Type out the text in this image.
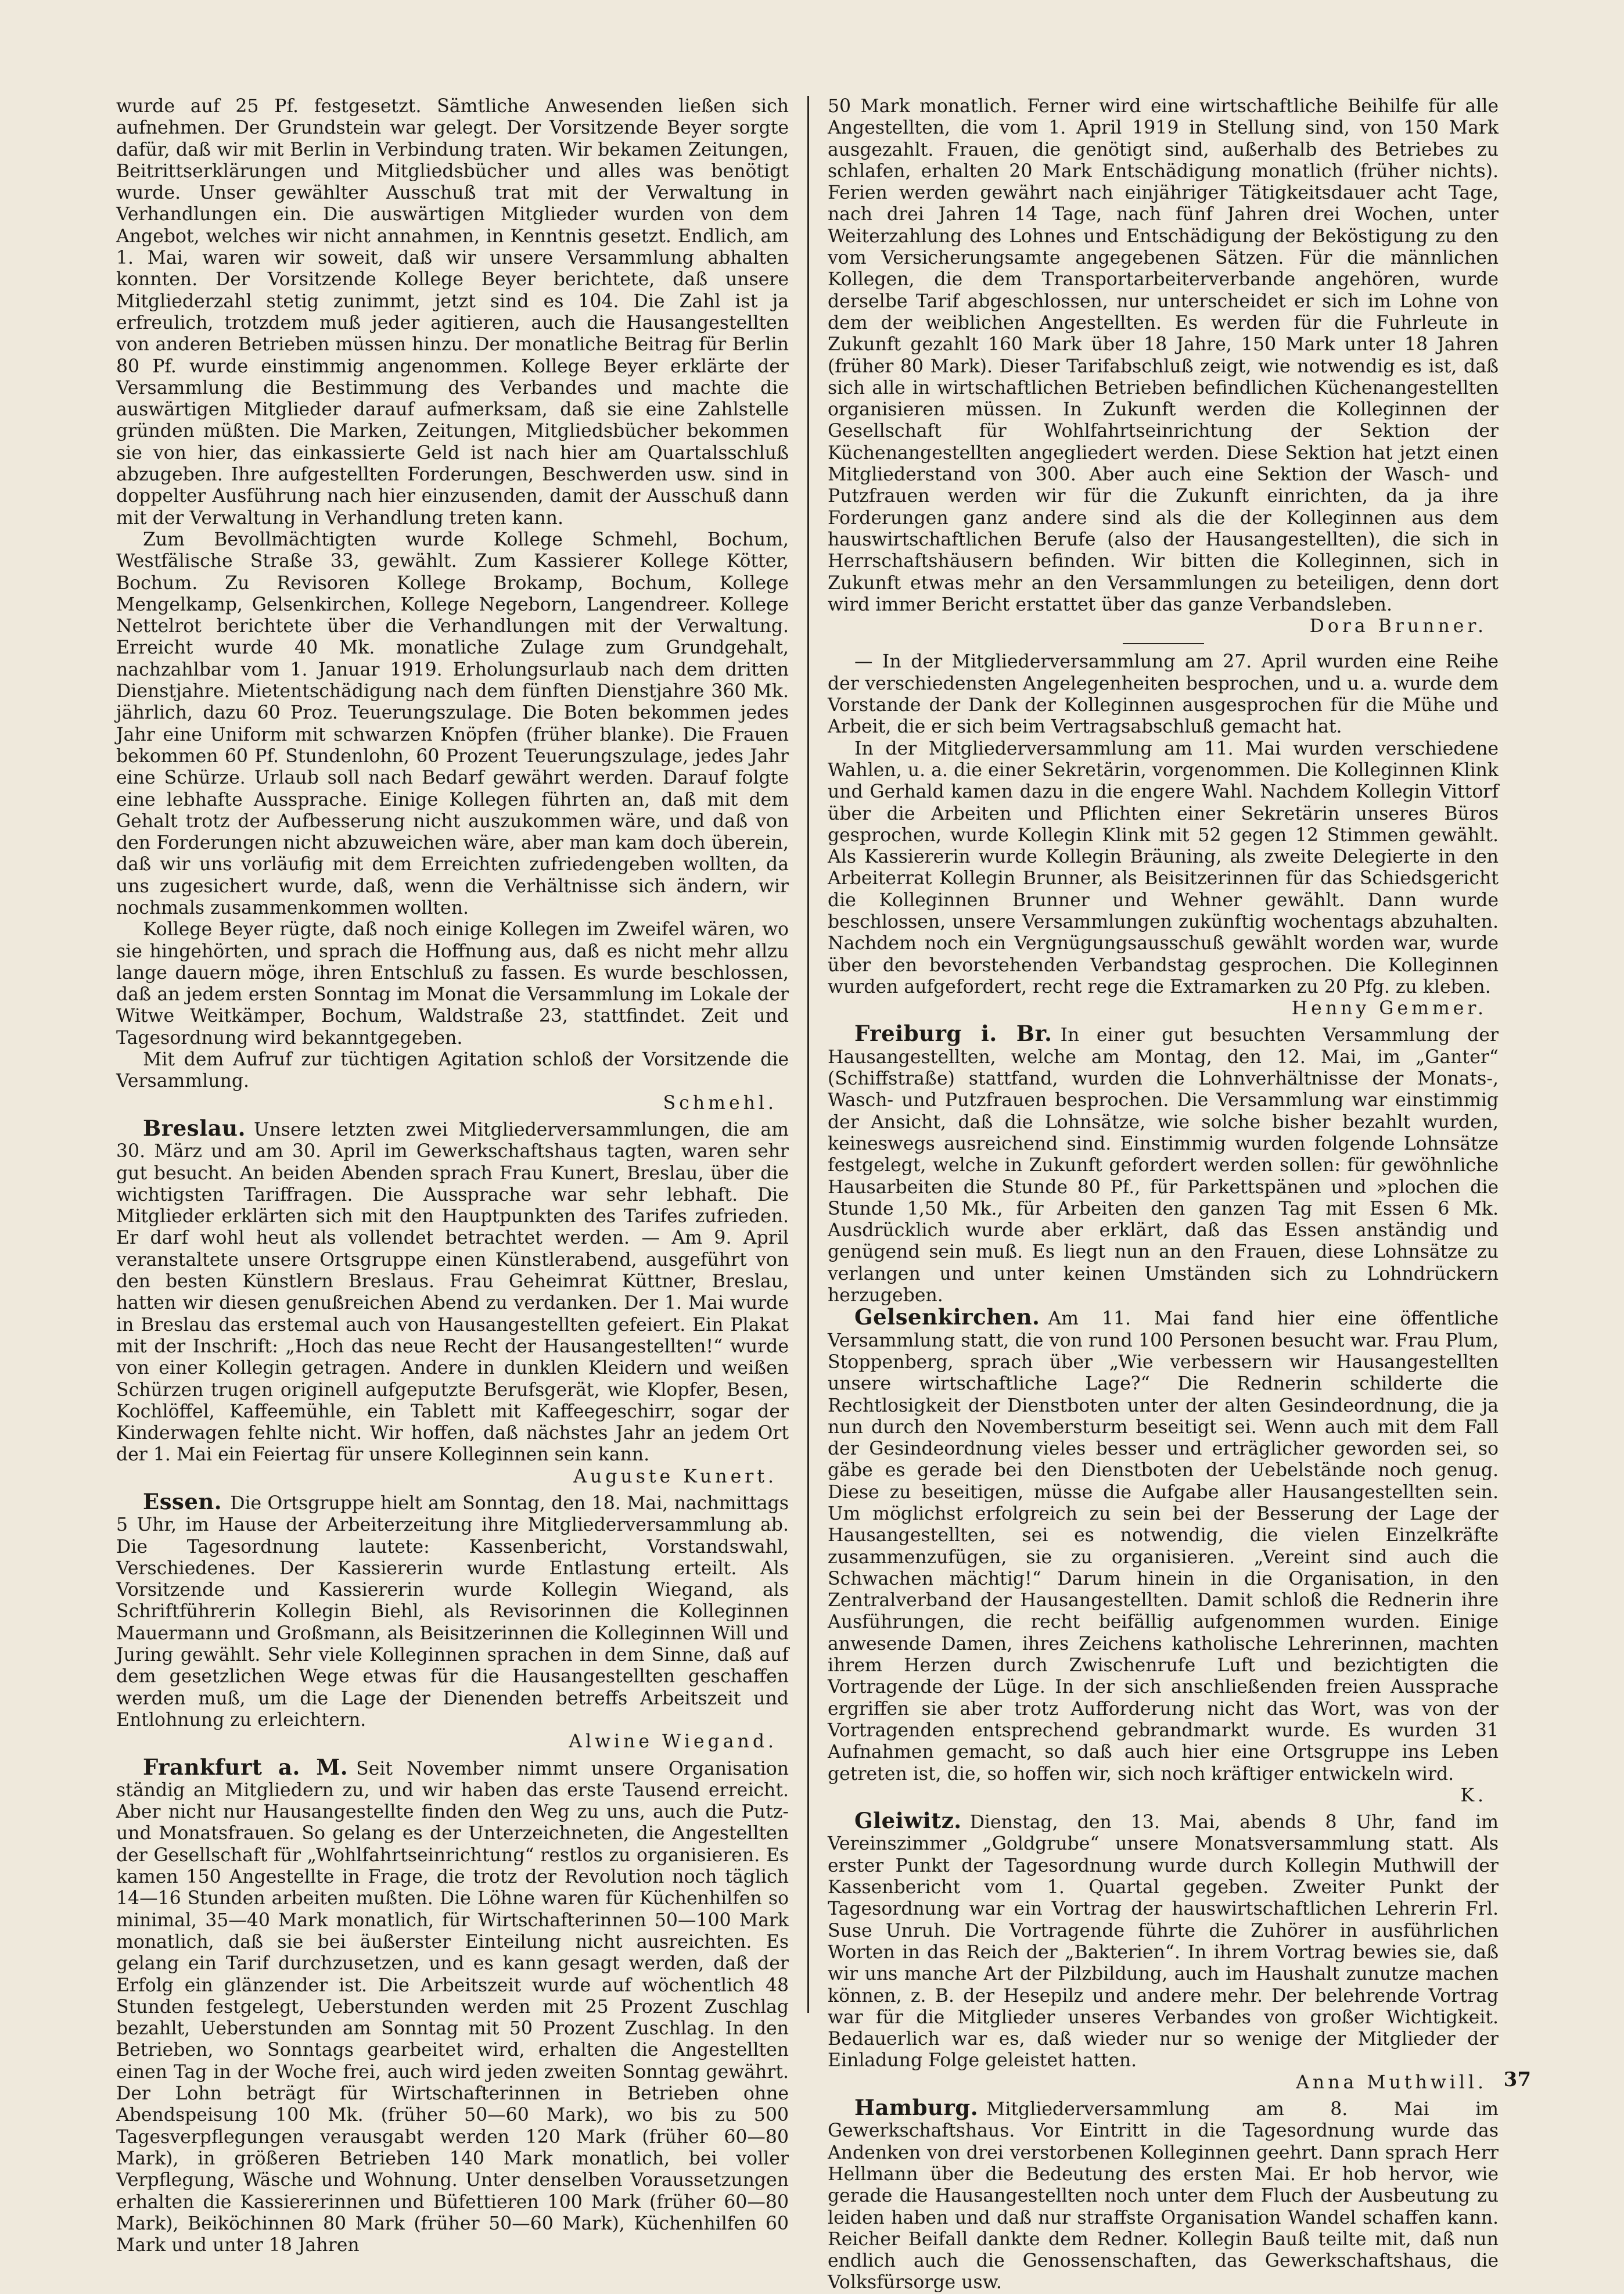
wurde auf 25 Pf. festgesetzt. Sämtliche Anwesenden ließen sich aufnehmen. Der Grundstein war gelegt. Der Vorsitzende Beyer sorgte dafür, daß wir mit Berlin in Verbindung traten. Wir bekamen Zeitungen, Beitrittserklärungen und Mitgliedsbücher und alles was benötigt wurde. Unser gewählter Ausschuß trat mit der Verwaltung in Verhandlungen ein. Die auswärtigen Mitglieder wurden von dem Angebot, welches wir nicht annahmen, in Kenntnis gesetzt. Endlich, am 1. Mai, waren wir soweit, daß wir unsere Versammlung abhalten konnten. Der Vorsitzende Kollege Beyer berichtete, daß unsere Mitgliederzahl stetig zunimmt, jetzt sind es 104. Die Zahl ist ja erfreulich, trotzdem muß jeder agitieren, auch die Hausangestellten von anderen Betrieben müssen hinzu. Der monatliche Beitrag für Berlin 80 Pf. wurde einstimmig angenommen. Kollege Beyer erklärte der Versammlung die Bestimmung des Verbandes und machte die auswärtigen Mitglieder darauf aufmerksam, daß sie eine Zahlstelle gründen müßten. Die Marken, Zeitungen, Mitgliedsbücher bekommen sie von hier, das einkassierte Geld ist nach hier am Quartalsschluß abzugeben. Ihre aufgestellten Forderungen, Beschwerden usw. sind in doppelter Ausführung nach hier einzusenden, damit der Ausschuß dann mit der Verwaltung in Verhandlung treten kann.

Zum Bevollmächtigten wurde Kollege Schmehl, Bochum, Westfälische Straße 33, gewählt. Zum Kassierer Kollege Kötter, Bochum. Zu Revisoren Kollege Brokamp, Bochum, Kollege Mengelkamp, Gelsenkirchen, Kollege Negeborn, Langendreer. Kollege Nettelrot berichtete über die Verhandlungen mit der Verwaltung. Erreicht wurde 40 Mk. monatliche Zulage zum Grundgehalt, nachzahlbar vom 1. Januar 1919. Erholungsurlaub nach dem dritten Dienstjahre. Mietentschädigung nach dem fünften Dienstjahre 360 Mk. jährlich, dazu 60 Proz. Teuerungszulage. Die Boten bekommen jedes Jahr eine Uniform mit schwarzen Knöpfen (früher blanke). Die Frauen bekommen 60 Pf. Stundenlohn, 60 Prozent Teuerungszulage, jedes Jahr eine Schürze. Urlaub soll nach Bedarf gewährt werden. Darauf folgte eine lebhafte Aussprache. Einige Kollegen führten an, daß mit dem Gehalt trotz der Aufbesserung nicht auszukommen wäre, und daß von den Forderungen nicht abzuweichen wäre, aber man kam doch überein, daß wir uns vorläufig mit dem Erreichten zufriedengeben wollten, da uns zugesichert wurde, daß, wenn die Verhältnisse sich ändern, wir nochmals zusammenkommen wollten.

Kollege Beyer rügte, daß noch einige Kollegen im Zweifel wären, wo sie hingehörten, und sprach die Hoffnung aus, daß es nicht mehr allzu lange dauern möge, ihren Entschluß zu fassen. Es wurde beschlossen, daß an jedem ersten Sonntag im Monat die Versammlung im Lokale der Witwe Weitkämper, Bochum, Waldstraße 23, stattfindet. Zeit und Tagesordnung wird bekanntgegeben.

Mit dem Aufruf zur tüchtigen Agitation schloß der Vorsitzende die Versammlung.

Schmehl.

Breslau. Unsere letzten zwei Mitgliederversammlungen, die am 30. März und am 30. April im Gewerkschaftshaus tagten, waren sehr gut besucht. An beiden Abenden sprach Frau Kunert, Breslau, über die wichtigsten Tariffragen. Die Aussprache war sehr lebhaft. Die Mitglieder erklärten sich mit den Hauptpunkten des Tarifes zufrieden. Er darf wohl heut als vollendet betrachtet werden. — Am 9. April veranstaltete unsere Ortsgruppe einen Künstlerabend, ausgeführt von den besten Künstlern Breslaus. Frau Geheimrat Küttner, Breslau, hatten wir diesen genußreichen Abend zu verdanken. Der 1. Mai wurde in Breslau das erstemal auch von Hausangestellten gefeiert. Ein Plakat mit der Inschrift: „Hoch das neue Recht der Hausangestellten!“ wurde von einer Kollegin getragen. Andere in dunklen Kleidern und weißen Schürzen trugen originell aufgeputzte Berufsgerät, wie Klopfer, Besen, Kochlöffel, Kaffeemühle, ein Tablett mit Kaffeegeschirr, sogar der Kinderwagen fehlte nicht. Wir hoffen, daß nächstes Jahr an jedem Ort der 1. Mai ein Feiertag für unsere Kolleginnen sein kann.

Auguste Kunert.

Essen. Die Ortsgruppe hielt am Sonntag, den 18. Mai, nachmittags 5 Uhr, im Hause der Arbeiterzeitung ihre Mitgliederversammlung ab. Die Tagesordnung lautete: Kassenbericht, Vorstandswahl, Verschiedenes. Der Kassiererin wurde Entlastung erteilt. Als Vorsitzende und Kassiererin wurde Kollegin Wiegand, als Schriftführerin Kollegin Biehl, als Revisorinnen die Kolleginnen Mauermann und Großmann, als Beisitzerinnen die Kolleginnen Will und Juring gewählt. Sehr viele Kolleginnen sprachen in dem Sinne, daß auf dem gesetzlichen Wege etwas für die Hausangestellten geschaffen werden muß, um die Lage der Dienenden betreffs Arbeitszeit und Entlohnung zu erleichtern.

Alwine Wiegand.

Frankfurt a. M. Seit November nimmt unsere Organisation ständig an Mitgliedern zu, und wir haben das erste Tausend erreicht. Aber nicht nur Hausangestellte finden den Weg zu uns, auch die Putz- und Monatsfrauen. So gelang es der Unterzeichneten, die Angestellten der Gesellschaft für „Wohlfahrtseinrichtung“ restlos zu organisieren. Es kamen 150 Angestellte in Frage, die trotz der Revolution noch täglich 14—16 Stunden arbeiten mußten. Die Löhne waren für Küchenhilfen so minimal, 35—40 Mark monatlich, für Wirtschafterinnen 50—100 Mark monatlich, daß sie bei äußerster Einteilung nicht ausreichten. Es gelang ein Tarif durchzusetzen, und es kann gesagt werden, daß der Erfolg ein glänzender ist. Die Arbeitszeit wurde auf wöchentlich 48 Stunden festgelegt, Ueberstunden werden mit 25 Prozent Zuschlag bezahlt, Ueberstunden am Sonntag mit 50 Prozent Zuschlag. In den Betrieben, wo Sonntags gearbeitet wird, erhalten die Angestellten einen Tag in der Woche frei, auch wird jeden zweiten Sonntag gewährt. Der Lohn beträgt für Wirtschafterinnen in Betrieben ohne Abendspeisung 100 Mk. (früher 50—60 Mark), wo bis zu 500 Tagesverpflegungen verausgabt werden 120 Mark (früher 60—80 Mark), in größeren Betrieben 140 Mark monatlich, bei voller Verpflegung, Wäsche und Wohnung. Unter denselben Voraussetzungen erhalten die Kassiererinnen und Büfettieren 100 Mark (früher 60—80 Mark), Beiköchinnen 80 Mark (früher 50—60 Mark), Küchenhilfen 60 Mark und unter 18 Jahren

50 Mark monatlich. Ferner wird eine wirtschaftliche Beihilfe für alle Angestellten, die vom 1. April 1919 in Stellung sind, von 150 Mark ausgezahlt. Frauen, die genötigt sind, außerhalb des Betriebes zu schlafen, erhalten 20 Mark Entschädigung monatlich (früher nichts). Ferien werden gewährt nach einjähriger Tätigkeitsdauer acht Tage, nach drei Jahren 14 Tage, nach fünf Jahren drei Wochen, unter Weiterzahlung des Lohnes und Entschädigung der Beköstigung zu den vom Versicherungsamte angegebenen Sätzen. Für die männlichen Kollegen, die dem Transportarbeiterverbande angehören, wurde derselbe Tarif abgeschlossen, nur unterscheidet er sich im Lohne von dem der weiblichen Angestellten. Es werden für die Fuhrleute in Zukunft gezahlt 160 Mark über 18 Jahre, 150 Mark unter 18 Jahren (früher 80 Mark). Dieser Tarifabschluß zeigt, wie notwendig es ist, daß sich alle in wirtschaftlichen Betrieben befindlichen Küchenangestellten organisieren müssen. In Zukunft werden die Kolleginnen der Gesellschaft für Wohlfahrtseinrichtung der Sektion der Küchenangestellten angegliedert werden. Diese Sektion hat jetzt einen Mitgliederstand von 300. Aber auch eine Sektion der Wasch- und Putzfrauen werden wir für die Zukunft einrichten, da ja ihre Forderungen ganz andere sind als die der Kolleginnen aus dem hauswirtschaftlichen Berufe (also der Hausangestellten), die sich in Herrschaftshäusern befinden. Wir bitten die Kolleginnen, sich in Zukunft etwas mehr an den Versammlungen zu beteiligen, denn dort wird immer Bericht erstattet über das ganze Verbandsleben.

Dora Brunner.

— In der Mitgliederversammlung am 27. April wurden eine Reihe der verschiedensten Angelegenheiten besprochen, und u. a. wurde dem Vorstande der Dank der Kolleginnen ausgesprochen für die Mühe und Arbeit, die er sich beim Vertragsabschluß gemacht hat.

In der Mitgliederversammlung am 11. Mai wurden verschiedene Wahlen, u. a. die einer Sekretärin, vorgenommen. Die Kolleginnen Klink und Gerhald kamen dazu in die engere Wahl. Nachdem Kollegin Vittorf über die Arbeiten und Pflichten einer Sekretärin unseres Büros gesprochen, wurde Kollegin Klink mit 52 gegen 12 Stimmen gewählt. Als Kassiererin wurde Kollegin Bräuning, als zweite Delegierte in den Arbeiterrat Kollegin Brunner, als Beisitzerinnen für das Schiedsgericht die Kolleginnen Brunner und Wehner gewählt. Dann wurde beschlossen, unsere Versammlungen zukünftig wochentags abzuhalten. Nachdem noch ein Vergnügungsausschuß gewählt worden war, wurde über den bevorstehenden Verbandstag gesprochen. Die Kolleginnen wurden aufgefordert, recht rege die Extramarken zu 20 Pfg. zu kleben.

Henny Gemmer.

Freiburg i. Br. In einer gut besuchten Versammlung der Hausangestellten, welche am Montag, den 12. Mai, im „Ganter“ (Schiffstraße) stattfand, wurden die Lohnverhältnisse der Monats-, Wasch- und Putzfrauen besprochen. Die Versammlung war einstimmig der Ansicht, daß die Lohnsätze, wie solche bisher bezahlt wurden, keineswegs ausreichend sind. Einstimmig wurden folgende Lohnsätze festgelegt, welche in Zukunft gefordert werden sollen: für gewöhnliche Hausarbeiten die Stunde 80 Pf., für Parkettspänen und »plochen die Stunde 1,50 Mk., für Arbeiten den ganzen Tag mit Essen 6 Mk. Ausdrücklich wurde aber erklärt, daß das Essen anständig und genügend sein muß. Es liegt nun an den Frauen, diese Lohnsätze zu verlangen und unter keinen Umständen sich zu Lohndrückern herzugeben.

Gelsenkirchen. Am 11. Mai fand hier eine öffentliche Versammlung statt, die von rund 100 Personen besucht war. Frau Plum, Stoppenberg, sprach über „Wie verbessern wir Hausangestellten unsere wirtschaftliche Lage?“ Die Rednerin schilderte die Rechtlosigkeit der Dienstboten unter der alten Gesindeordnung, die ja nun durch den Novembersturm beseitigt sei. Wenn auch mit dem Fall der Gesindeordnung vieles besser und erträglicher geworden sei, so gäbe es gerade bei den Dienstboten der Uebelstände noch genug. Diese zu beseitigen, müsse die Aufgabe aller Hausangestellten sein. Um möglichst erfolgreich zu sein bei der Besserung der Lage der Hausangestellten, sei es notwendig, die vielen Einzelkräfte zusammenzufügen, sie zu organisieren. „Vereint sind auch die Schwachen mächtig!“ Darum hinein in die Organisation, in den Zentralverband der Hausangestellten. Damit schloß die Rednerin ihre Ausführungen, die recht beifällig aufgenommen wurden. Einige anwesende Damen, ihres Zeichens katholische Lehrerinnen, machten ihrem Herzen durch Zwischenrufe Luft und bezichtigten die Vortragende der Lüge. In der sich anschließenden freien Aussprache ergriffen sie aber trotz Aufforderung nicht das Wort, was von der Vortragenden entsprechend gebrandmarkt wurde. Es wurden 31 Aufnahmen gemacht, so daß auch hier eine Ortsgruppe ins Leben getreten ist, die, so hoffen wir, sich noch kräftiger entwickeln wird.

K.

Gleiwitz. Dienstag, den 13. Mai, abends 8 Uhr, fand im Vereinszimmer „Goldgrube“ unsere Monatsversammlung statt. Als erster Punkt der Tagesordnung wurde durch Kollegin Muthwill der Kassenbericht vom 1. Quartal gegeben. Zweiter Punkt der Tagesordnung war ein Vortrag der hauswirtschaftlichen Lehrerin Frl. Suse Unruh. Die Vortragende führte die Zuhörer in ausführlichen Worten in das Reich der „Bakterien“. In ihrem Vortrag bewies sie, daß wir uns manche Art der Pilzbildung, auch im Haushalt zunutze machen können, z. B. der Hesepilz und andere mehr. Der belehrende Vortrag war für die Mitglieder unseres Verbandes von großer Wichtigkeit. Bedauerlich war es, daß wieder nur so wenige der Mitglieder der Einladung Folge geleistet hatten.

Anna Muthwill.

Hamburg. Mitgliederversammlung am 8. Mai im Gewerkschaftshaus. Vor Eintritt in die Tagesordnung wurde das Andenken von drei verstorbenen Kolleginnen geehrt. Dann sprach Herr Hellmann über die Bedeutung des ersten Mai. Er hob hervor, wie gerade die Hausangestellten noch unter dem Fluch der Ausbeutung zu leiden haben und daß nur straffste Organisation Wandel schaffen kann. Reicher Beifall dankte dem Redner. Kollegin Bauß teilte mit, daß nun endlich auch die Genossenschaften, das Gewerkschaftshaus, die Volksfürsorge usw.

37
